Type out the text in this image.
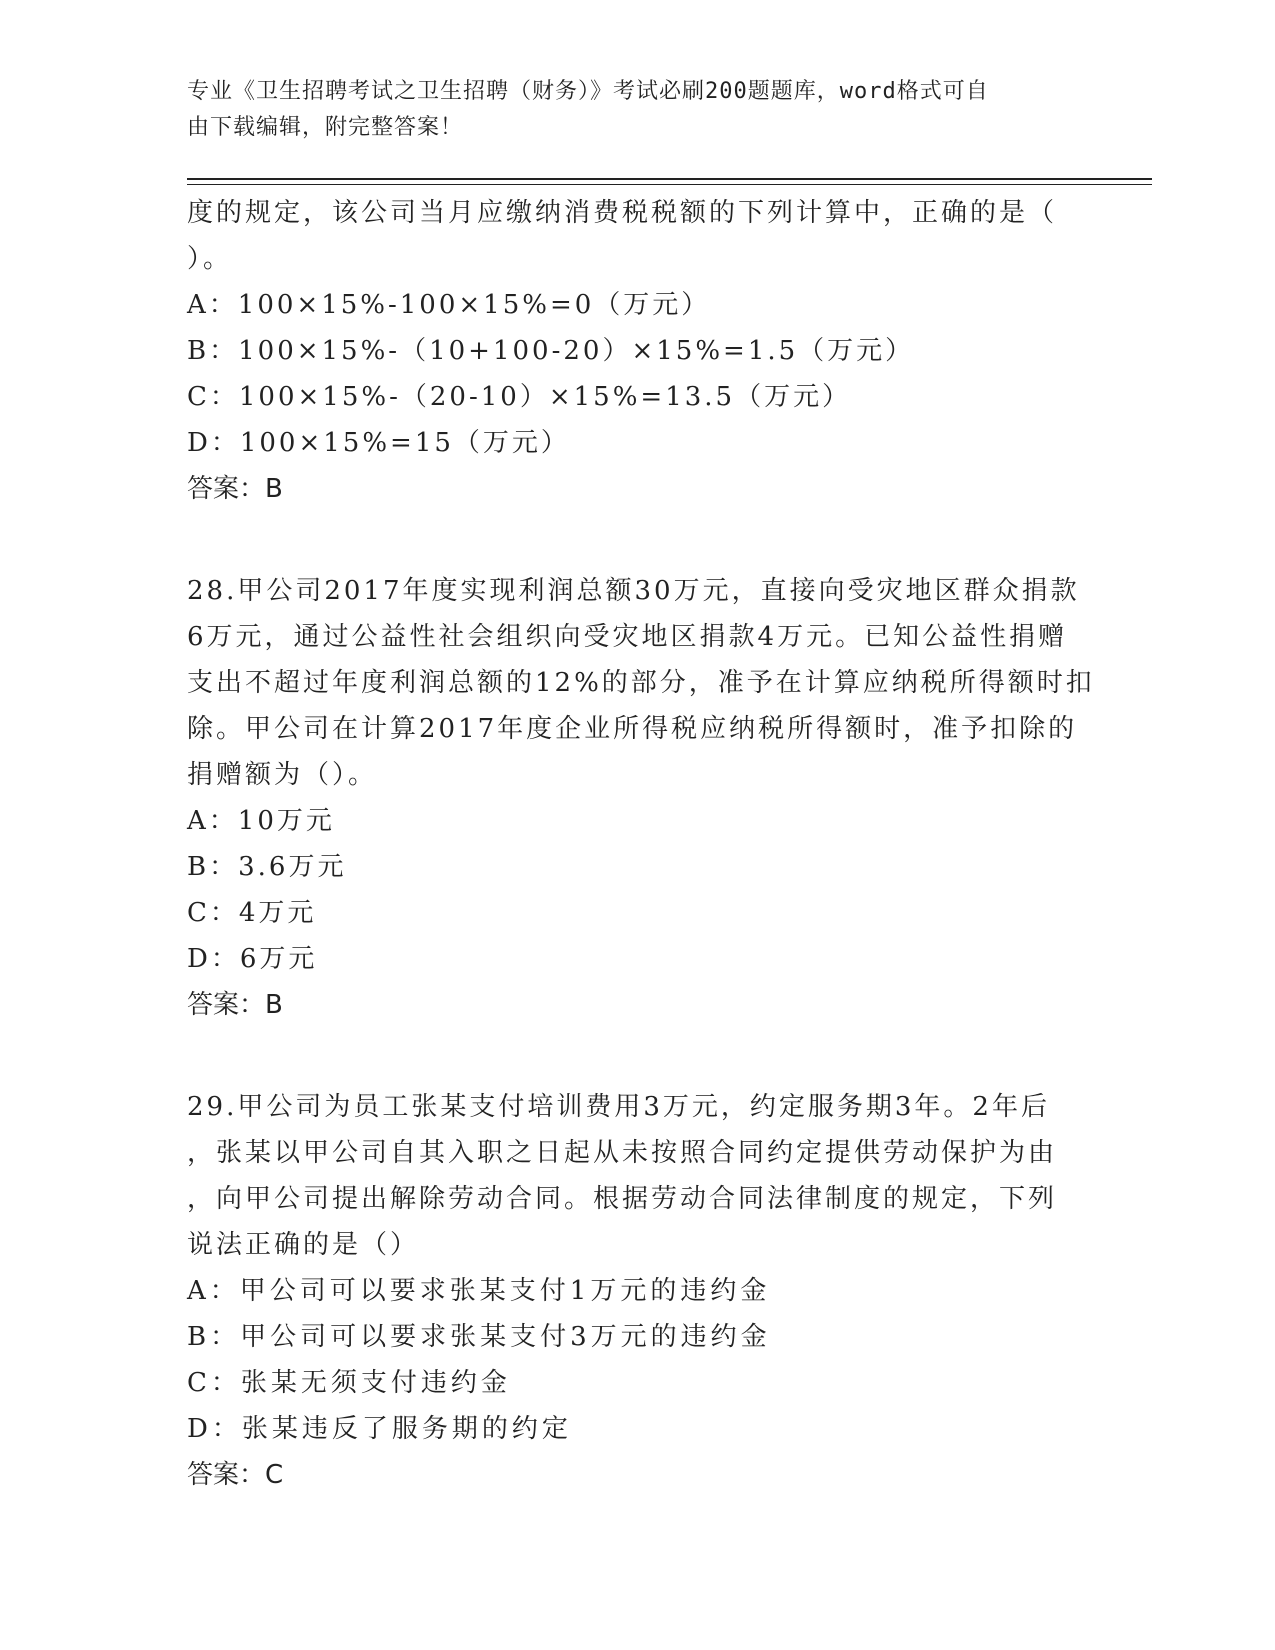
专业《卫生招聘考试之卫生招聘（财务）》考试必刷200题题库，word格式可自
由下载编辑，附完整答案！
度的规定，该公司当月应缴纳消费税税额的下列计算中，正确的是（
）。
A：100×15%-100×15%=0（万元）
B：100×15%-（10+100-20）×15%=1.5（万元）
C：100×15%-（20-10）×15%=13.5（万元）
D：100×15%=15（万元）
答案：B
28.甲公司2017年度实现利润总额30万元，直接向受灾地区群众捐款
6万元，通过公益性社会组织向受灾地区捐款4万元。已知公益性捐赠
支出不超过年度利润总额的12%的部分，准予在计算应纳税所得额时扣
除。甲公司在计算2017年度企业所得税应纳税所得额时，准予扣除的
捐赠额为（）。
A：10万元
B：3.6万元
C：4万元
D：6万元
答案：B
29.甲公司为员工张某支付培训费用3万元，约定服务期3年。2年后
，张某以甲公司自其入职之日起从未按照合同约定提供劳动保护为由
，向甲公司提出解除劳动合同。根据劳动合同法律制度的规定，下列
说法正确的是（）
A：甲公司可以要求张某支付1万元的违约金
B：甲公司可以要求张某支付3万元的违约金
C：张某无须支付违约金
D：张某违反了服务期的约定
答案：C
